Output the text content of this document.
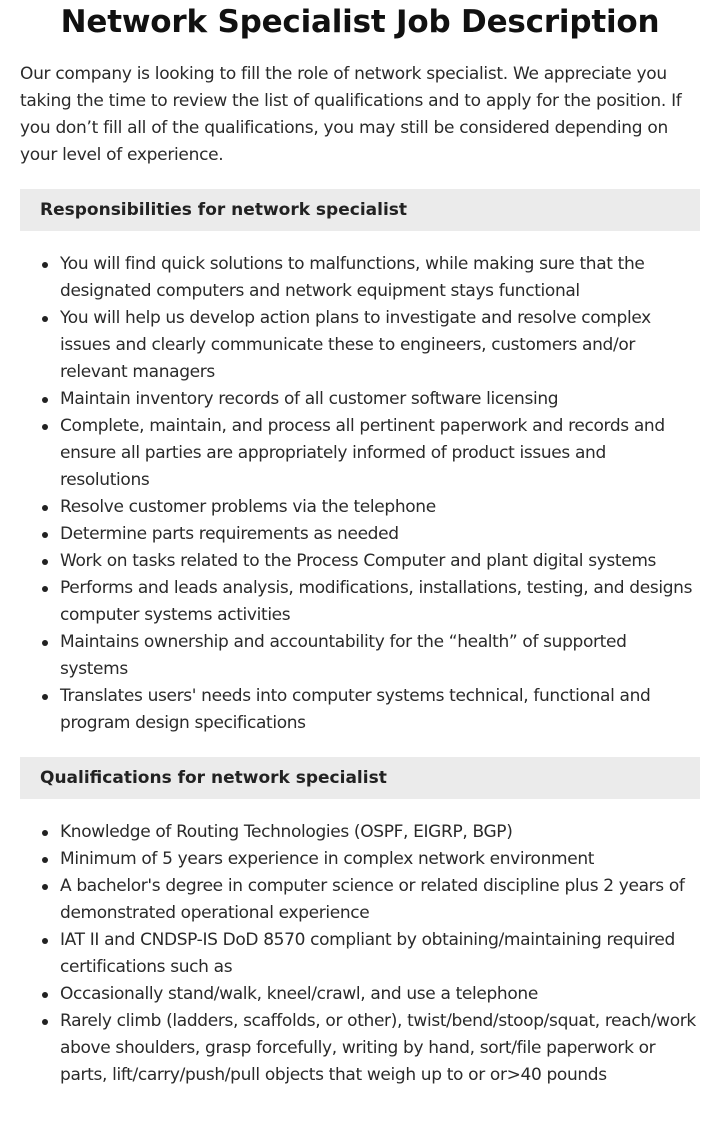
Network Specialist Job Description

Our company is looking to fill the role of network specialist. We appreciate you taking the time to review the list of qualifications and to apply for the position. If you don’t fill all of the qualifications, you may still be considered depending on your level of experience.

Responsibilities for network specialist
You will find quick solutions to malfunctions, while making sure that the designated computers and network equipment stays functional
You will help us develop action plans to investigate and resolve complex issues and clearly communicate these to engineers, customers and/or relevant managers
Maintain inventory records of all customer software licensing
Complete, maintain, and process all pertinent paperwork and records and ensure all parties are appropriately informed of product issues and resolutions
Resolve customer problems via the telephone
Determine parts requirements as needed
Work on tasks related to the Process Computer and plant digital systems
Performs and leads analysis, modifications, installations, testing, and designs computer systems activities
Maintains ownership and accountability for the “health” of supported systems
Translates users' needs into computer systems technical, functional and program design specifications
Qualifications for network specialist
Knowledge of Routing Technologies (OSPF, EIGRP, BGP)
Minimum of 5 years experience in complex network environment
A bachelor's degree in computer science or related discipline plus 2 years of demonstrated operational experience
IAT II and CNDSP-IS DoD 8570 compliant by obtaining/maintaining required certifications such as
Occasionally stand/walk, kneel/crawl, and use a telephone
Rarely climb (ladders, scaffolds, or other), twist/bend/stoop/squat, reach/work above shoulders, grasp forcefully, writing by hand, sort/file paperwork or parts, lift/carry/push/pull objects that weigh up to or or>40 pounds
